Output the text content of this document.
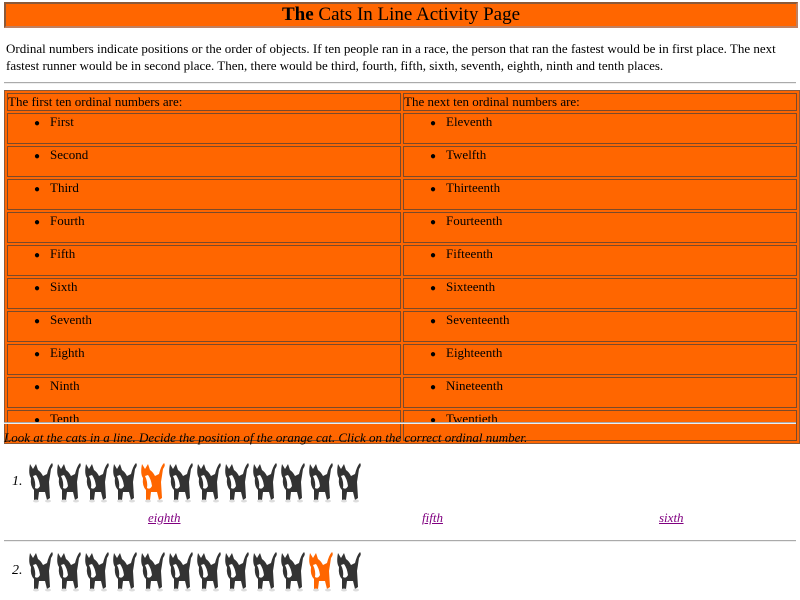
The Cats In Line Activity Page
Ordinal numbers indicate positions or the order of objects. If ten people ran in a race, the person that ran the fastest would be in first place. The next fastest runner would be in second place. Then, there would be third, fourth, fifth, sixth, seventh, eighth, ninth and tenth places.
The first ten ordinal numbers are:	The next ten ordinal numbers are:
● First	● Eleventh
● Second	● Twelfth
● Third	● Thirteenth
● Fourth	● Fourteenth
● Fifth	● Fifteenth
● Sixth	● Sixteenth
● Seventh	● Seventeenth
● Eighth	● Eighteenth
● Ninth	● Nineteenth
● Tenth	● Twentieth
Look at the cats in a line. Decide the position of the orange cat. Click on the correct ordinal number.
1.
eighth	fifth	sixth
2.
